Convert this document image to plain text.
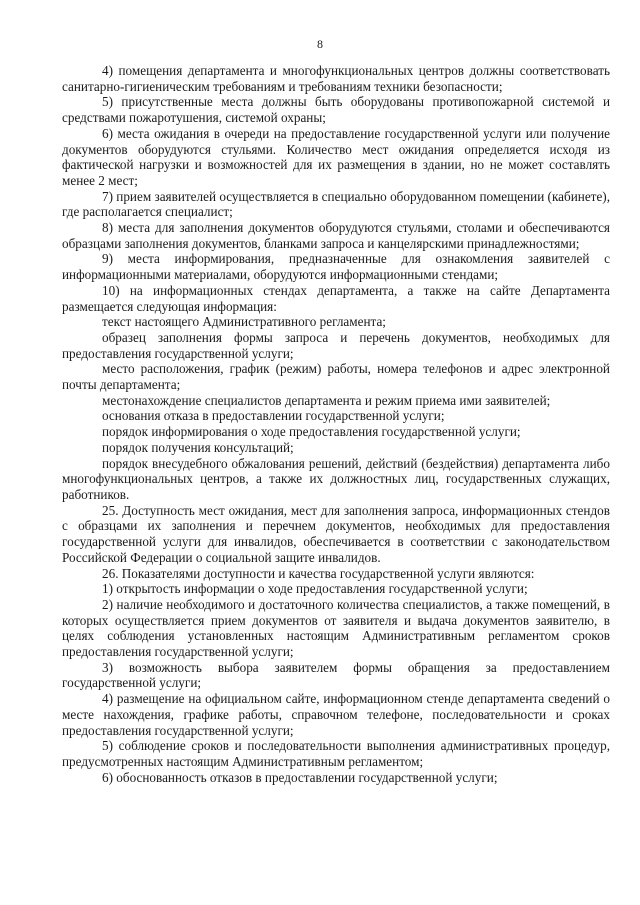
8

4) помещения департамента и многофункциональных центров должны соответствовать санитарно-гигиеническим требованиям и требованиям техники безопасности;

5) присутственные места должны быть оборудованы противопожарной системой и средствами пожаротушения, системой охраны;

6) места ожидания в очереди на предоставление государственной услуги или получение документов оборудуются стульями. Количество мест ожидания определяется исходя из фактической нагрузки и возможностей для их размещения в здании, но не может составлять менее 2 мест;

7) прием заявителей осуществляется в специально оборудованном помещении (кабинете), где располагается специалист;

8) места для заполнения документов оборудуются стульями, столами и обеспечиваются образцами заполнения документов, бланками запроса и канцелярскими принадлежностями;

9) места информирования, предназначенные для ознакомления заявителей с информационными материалами, оборудуются информационными стендами;

10) на информационных стендах департамента, а также на сайте Департамента размещается следующая информация:

текст настоящего Административного регламента;

образец заполнения формы запроса и перечень документов, необходимых для предоставления государственной услуги;

место расположения, график (режим) работы, номера телефонов и адрес электронной почты департамента;

местонахождение специалистов департамента и режим приема ими заявителей;

основания отказа в предоставлении государственной услуги;

порядок информирования о ходе предоставления государственной услуги;

порядок получения консультаций;

порядок внесудебного обжалования решений, действий (бездействия) департамента либо многофункциональных центров, а также их должностных лиц, государственных служащих, работников.

25. Доступность мест ожидания, мест для заполнения запроса, информационных стендов с образцами их заполнения и перечнем документов, необходимых для предоставления государственной услуги для инвалидов, обеспечивается в соответствии с законодательством Российской Федерации о социальной защите инвалидов.

26. Показателями доступности и качества государственной услуги являются:

1) открытость информации о ходе предоставления государственной услуги;

2) наличие необходимого и достаточного количества специалистов, а также помещений, в которых осуществляется прием документов от заявителя и выдача документов заявителю, в целях соблюдения установленных настоящим Административным регламентом сроков предоставления государственной услуги;

3) возможность выбора заявителем формы обращения за предоставлением государственной услуги;

4) размещение на официальном сайте, информационном стенде департамента сведений о месте нахождения, графике работы, справочном телефоне, последовательности и сроках предоставления государственной услуги;

5) соблюдение сроков и последовательности выполнения административных процедур, предусмотренных настоящим Административным регламентом;

6) обоснованность отказов в предоставлении государственной услуги;
